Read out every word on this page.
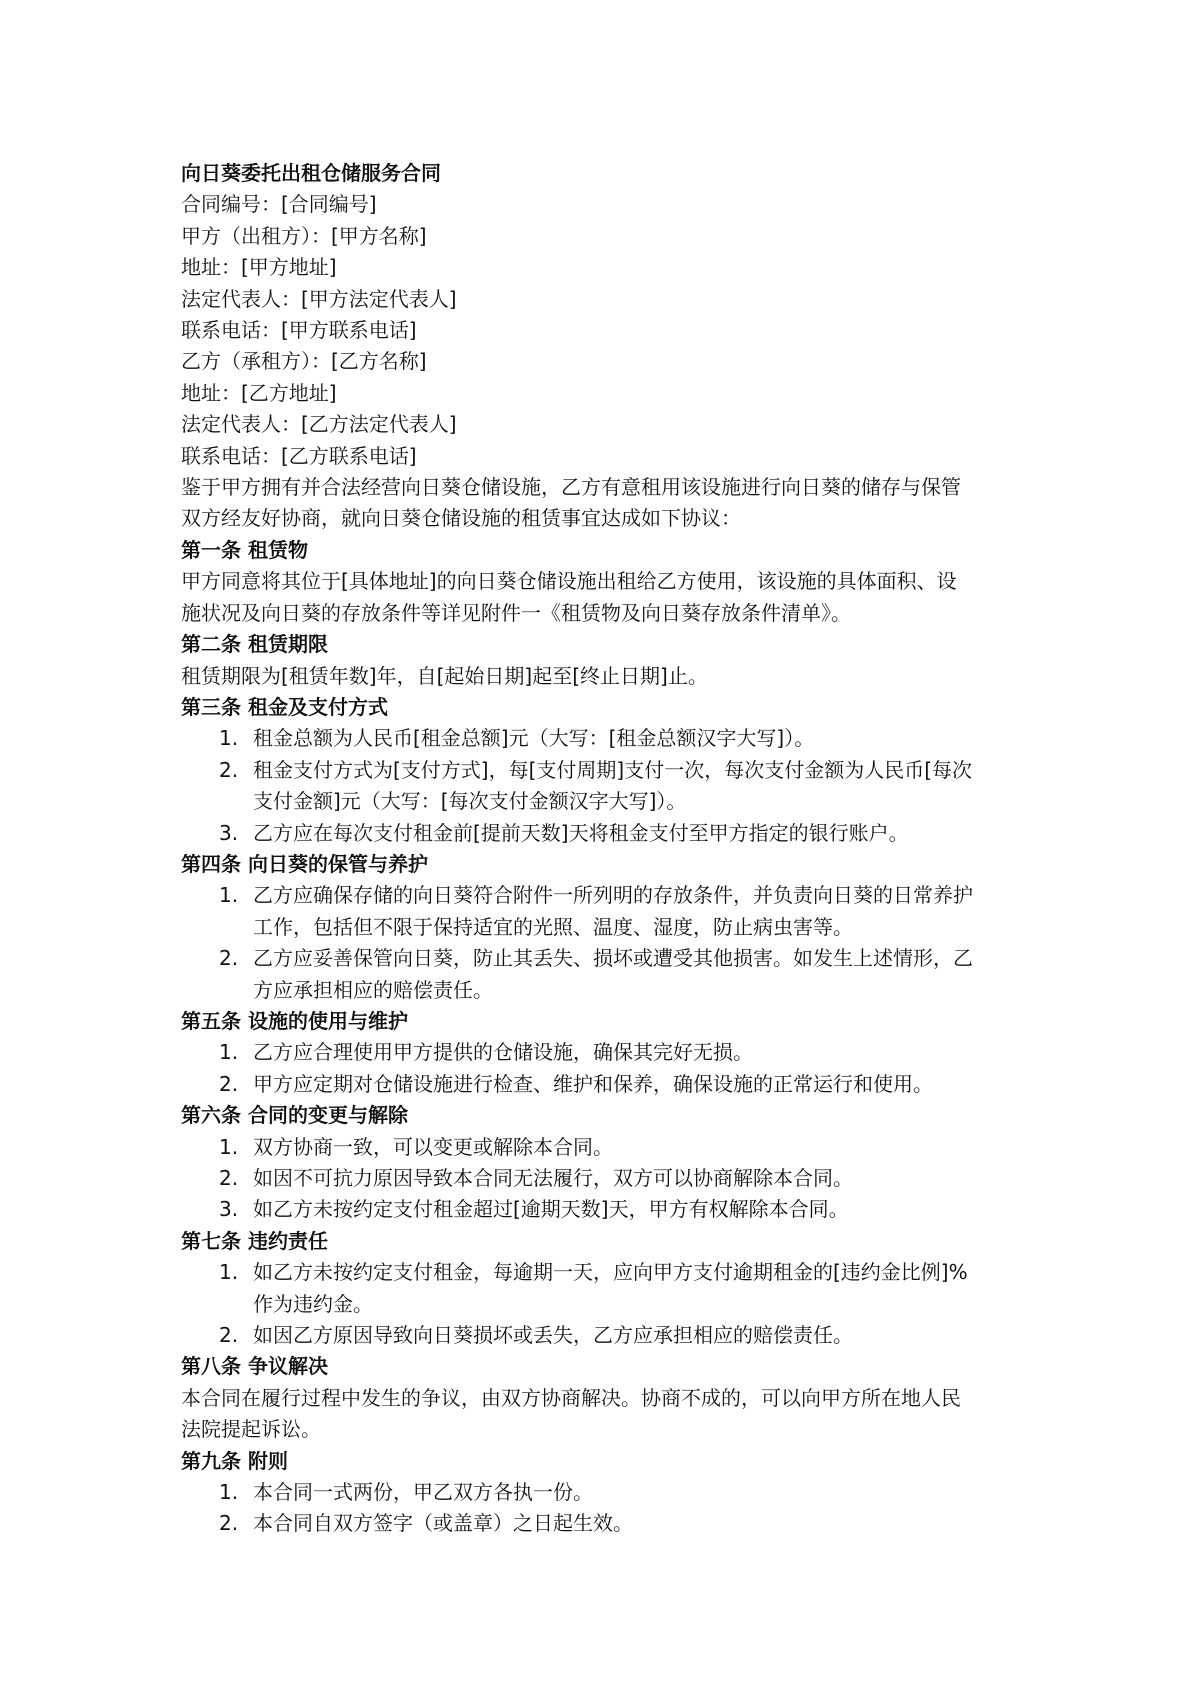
向日葵委托出租仓储服务合同
合同编号：[合同编号]
甲方（出租方）：[甲方名称]
地址：[甲方地址]
法定代表人：[甲方法定代表人]
联系电话：[甲方联系电话]
乙方（承租方）：[乙方名称]
地址：[乙方地址]
法定代表人：[乙方法定代表人]
联系电话：[乙方联系电话]
鉴于甲方拥有并合法经营向日葵仓储设施，乙方有意租用该设施进行向日葵的储存与保管
双方经友好协商，就向日葵仓储设施的租赁事宜达成如下协议：
第一条 租赁物
甲方同意将其位于[具体地址]的向日葵仓储设施出租给乙方使用，该设施的具体面积、设
施状况及向日葵的存放条件等详见附件一《租赁物及向日葵存放条件清单》。
第二条 租赁期限
租赁期限为[租赁年数]年，自[起始日期]起至[终止日期]止。
第三条 租金及支付方式
1. 租金总额为人民币[租金总额]元（大写：[租金总额汉字大写]）。
2. 租金支付方式为[支付方式]，每[支付周期]支付一次，每次支付金额为人民币[每次
支付金额]元（大写：[每次支付金额汉字大写]）。
3. 乙方应在每次支付租金前[提前天数]天将租金支付至甲方指定的银行账户。
第四条 向日葵的保管与养护
1. 乙方应确保存储的向日葵符合附件一所列明的存放条件，并负责向日葵的日常养护
工作，包括但不限于保持适宜的光照、温度、湿度，防止病虫害等。
2. 乙方应妥善保管向日葵，防止其丢失、损坏或遭受其他损害。如发生上述情形，乙
方应承担相应的赔偿责任。
第五条 设施的使用与维护
1. 乙方应合理使用甲方提供的仓储设施，确保其完好无损。
2. 甲方应定期对仓储设施进行检查、维护和保养，确保设施的正常运行和使用。
第六条 合同的变更与解除
1. 双方协商一致，可以变更或解除本合同。
2. 如因不可抗力原因导致本合同无法履行，双方可以协商解除本合同。
3. 如乙方未按约定支付租金超过[逾期天数]天，甲方有权解除本合同。
第七条 违约责任
1. 如乙方未按约定支付租金，每逾期一天，应向甲方支付逾期租金的[违约金比例]%
作为违约金。
2. 如因乙方原因导致向日葵损坏或丢失，乙方应承担相应的赔偿责任。
第八条 争议解决
本合同在履行过程中发生的争议，由双方协商解决。协商不成的，可以向甲方所在地人民
法院提起诉讼。
第九条 附则
1. 本合同一式两份，甲乙双方各执一份。
2. 本合同自双方签字（或盖章）之日起生效。
